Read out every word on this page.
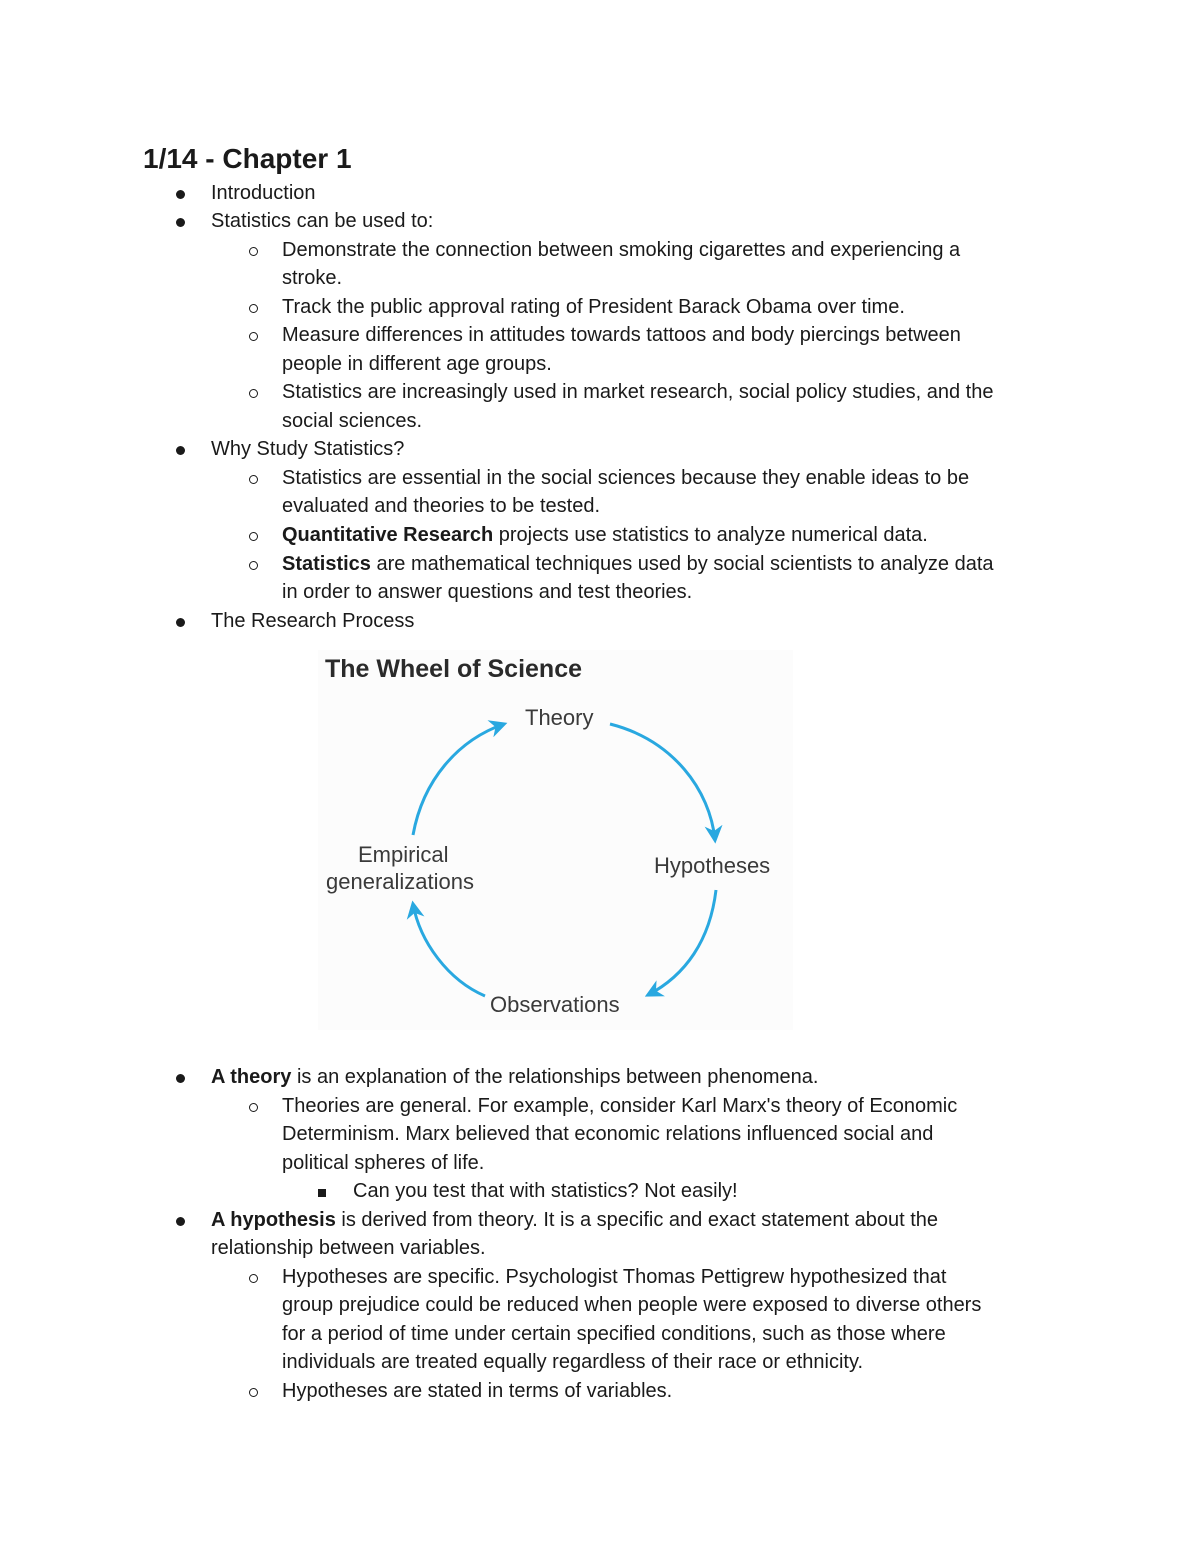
1/14 - Chapter 1
Introduction
Statistics can be used to:
Demonstrate the connection between smoking cigarettes and experiencing a
stroke.
Track the public approval rating of President Barack Obama over time.
Measure differences in attitudes towards tattoos and body piercings between
people in different age groups.
Statistics are increasingly used in market research, social policy studies, and the
social sciences.
Why Study Statistics?
Statistics are essential in the social sciences because they enable ideas to be
evaluated and theories to be tested.
Quantitative Research projects use statistics to analyze numerical data.
Statistics are mathematical techniques used by social scientists to analyze data
in order to answer questions and test theories.
The Research Process
The Wheel of Science
Theory
Hypotheses
Observations
Empirical
generalizations
A theory is an explanation of the relationships between phenomena.
Theories are general. For example, consider Karl Marx's theory of Economic
Determinism. Marx believed that economic relations influenced social and
political spheres of life.
Can you test that with statistics? Not easily!
A hypothesis is derived from theory. It is a specific and exact statement about the
relationship between variables.
Hypotheses are specific. Psychologist Thomas Pettigrew hypothesized that
group prejudice could be reduced when people were exposed to diverse others
for a period of time under certain specified conditions, such as those where
individuals are treated equally regardless of their race or ethnicity.
Hypotheses are stated in terms of variables.
